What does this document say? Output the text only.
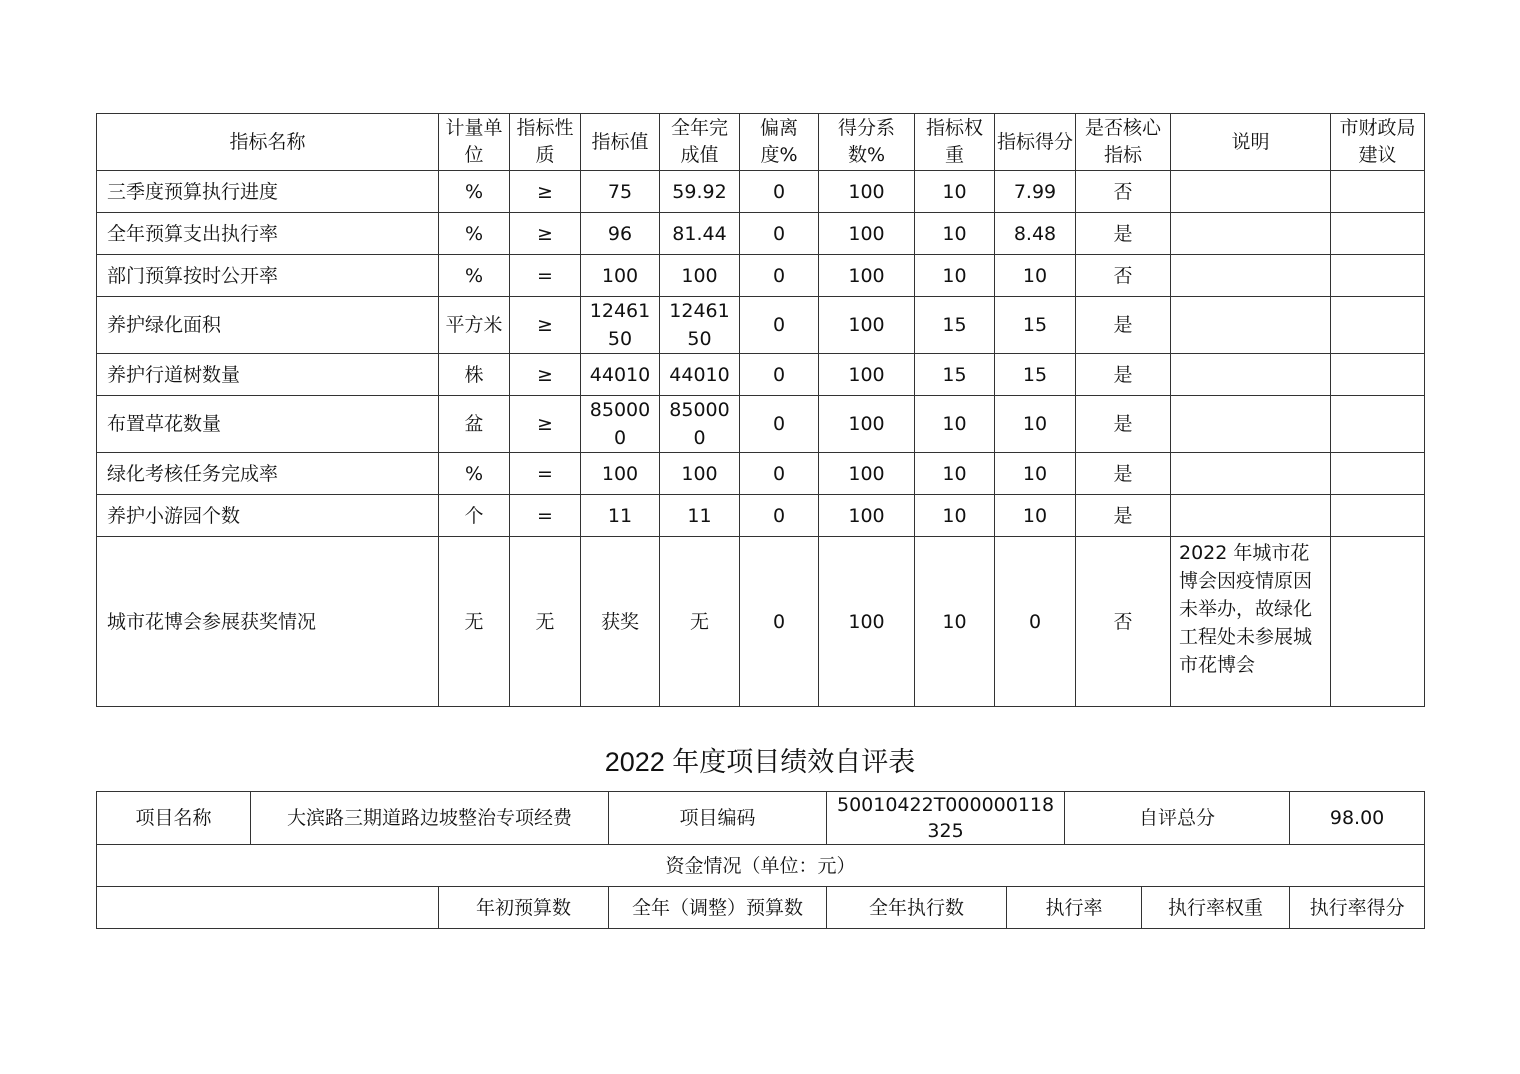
指标名称	计量单位	指标性质	指标值	全年完成值	偏离度%	得分系数%	指标权重	指标得分	是否核心指标	说明	市财政局建议
三季度预算执行进度	%	≥	75	59.92	0	100	10	7.99	否		
全年预算支出执行率	%	≥	96	81.44	0	100	10	8.48	是		
部门预算按时公开率	%	=	100	100	0	100	10	10	否		
养护绿化面积	平方米	≥	1246150	1246150	0	100	15	15	是		
养护行道树数量	株	≥	44010	44010	0	100	15	15	是		
布置草花数量	盆	≥	850000	850000	0	100	10	10	是		
绿化考核任务完成率	%	=	100	100	0	100	10	10	是		
养护小游园个数	个	=	11	11	0	100	10	10	是		
城市花博会参展获奖情况	无	无	获奖	无	0	100	10	0	否	2022 年城市花博会因疫情原因未举办，故绿化工程处未参展城市花博会	
2022 年度项目绩效自评表
项目名称	大滨路三期道路边坡整治专项经费		项目编码	50010422T000000118325		自评总分		98.00
资金情况（单位：元）								
		年初预算数	全年（调整）预算数	全年执行数	执行率		执行率权重	执行率得分
